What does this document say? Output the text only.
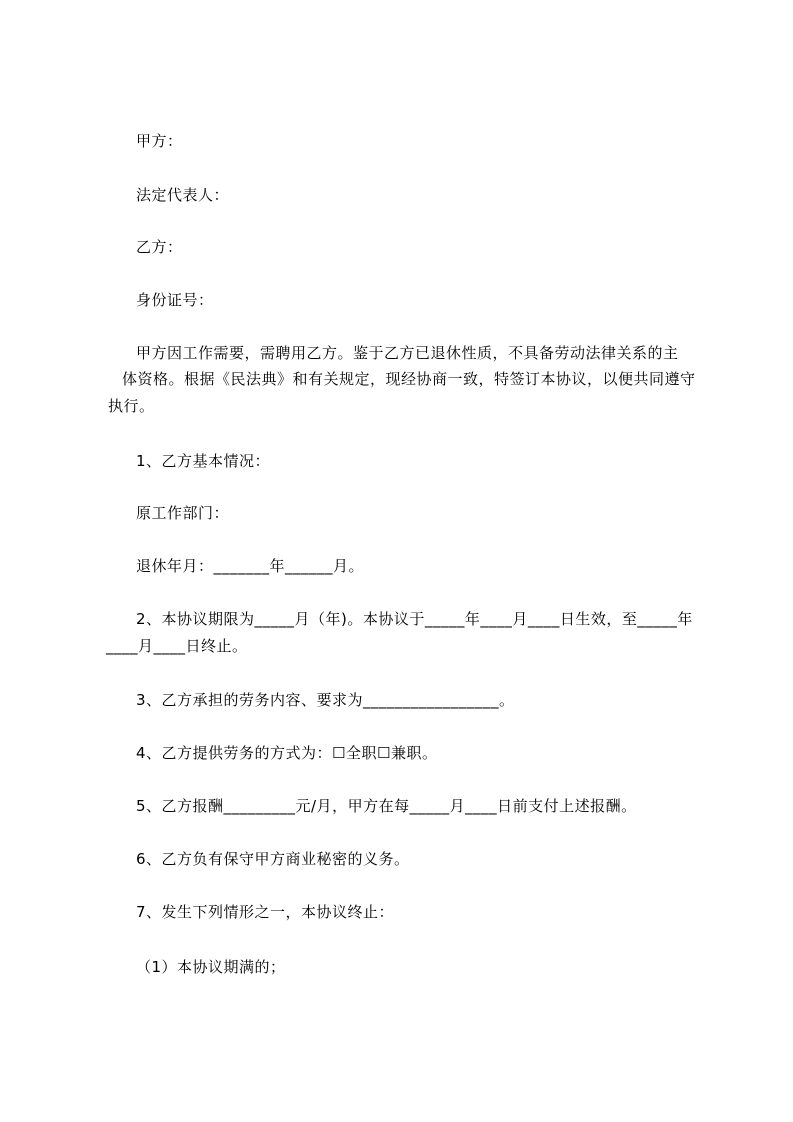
甲方：
法定代表人：
乙方：
身份证号：
甲方因工作需要，需聘用乙方。鉴于乙方已退休性质，不具备劳动法律关系的主
体资格。根据《民法典》和有关规定，现经协商一致，特签订本协议，以便共同遵守
执行。
1、乙方基本情况：
原工作部门：
退休年月：_______年______月。
2、本协议期限为_____月（年)。本协议于_____年____月____日生效，至_____年
____月____日终止。
3、乙方承担的劳务内容、要求为_________________。
4、乙方提供劳务的方式为：☐全职☐兼职。
5、乙方报酬_________元/月，甲方在每_____月____日前支付上述报酬。
6、乙方负有保守甲方商业秘密的义务。
7、发生下列情形之一，本协议终止：
（1）本协议期满的；
